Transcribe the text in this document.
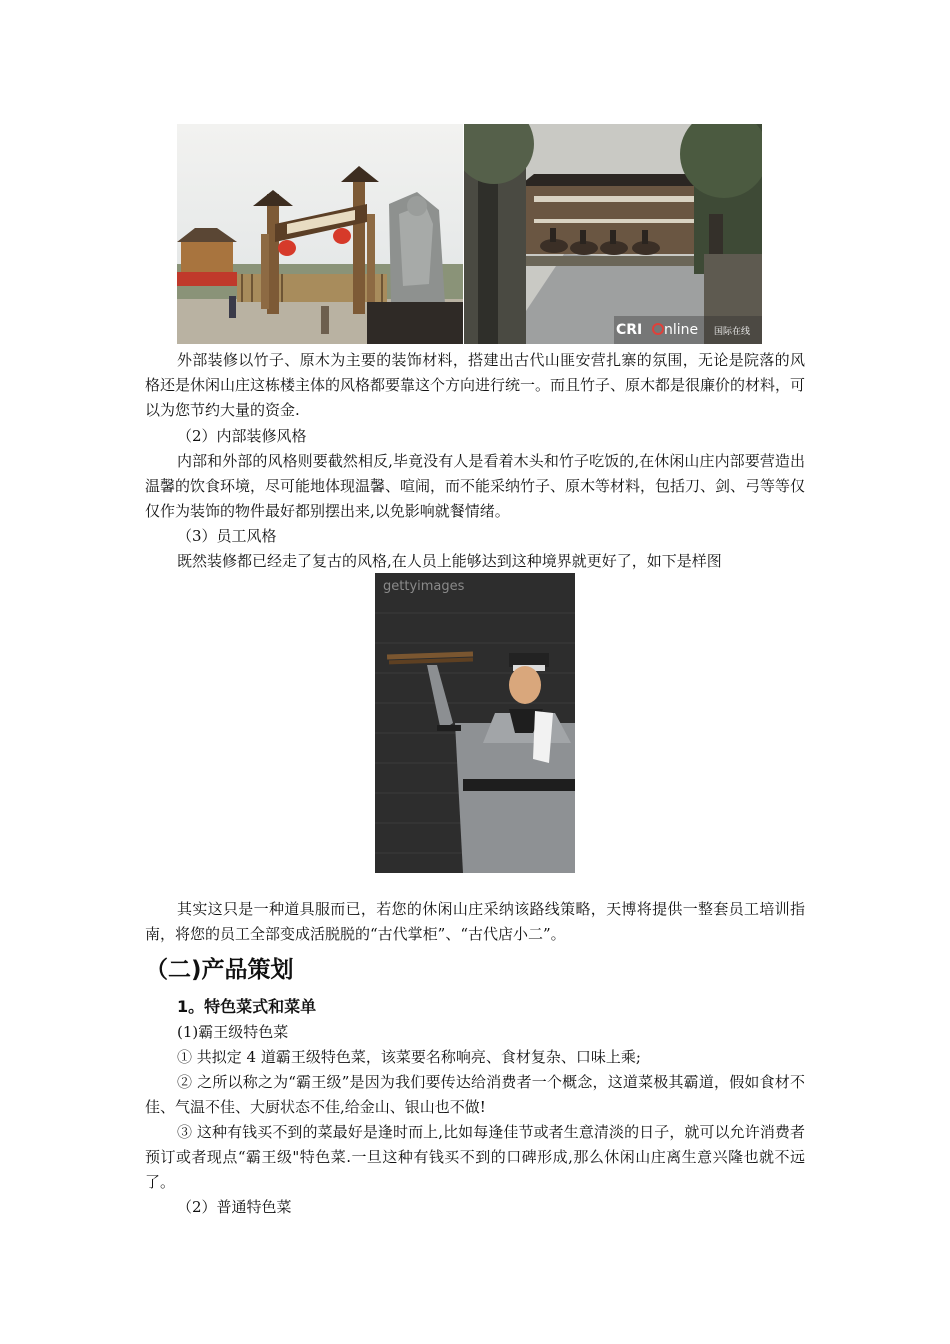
CRI nline 国际在线

外部装修以竹子、原木为主要的装饰材料，搭建出古代山匪安营扎寨的氛围，无论是院落的风格还是休闲山庄这栋楼主体的风格都要靠这个方向进行统一。而且竹子、原木都是很廉价的材料，可以为您节约大量的资金.

（2）内部装修风格

内部和外部的风格则要截然相反,毕竟没有人是看着木头和竹子吃饭的,在休闲山庄内部要营造出温馨的饮食环境，尽可能地体现温馨、喧闹，而不能采纳竹子、原木等材料，包括刀、剑、弓等等仅仅作为装饰的物件最好都别摆出来,以免影响就餐情绪。

（3）员工风格

既然装修都已经走了复古的风格,在人员上能够达到这种境界就更好了，如下是样图

gettyimages

其实这只是一种道具服而已，若您的休闲山庄采纳该路线策略，天博将提供一整套员工培训指南，将您的员工全部变成活脱脱的“古代掌柜”、“古代店小二”。

（二)产品策划
1。特色菜式和菜单

(1)霸王级特色菜

① 共拟定 4 道霸王级特色菜，该菜要名称响亮、食材复杂、口味上乘;

② 之所以称之为“霸王级”是因为我们要传达给消费者一个概念，这道菜极其霸道，假如食材不佳、气温不佳、大厨状态不佳,给金山、银山也不做!

③ 这种有钱买不到的菜最好是逢时而上,比如每逢佳节或者生意清淡的日子，就可以允许消费者预订或者现点“霸王级"特色菜.一旦这种有钱买不到的口碑形成,那么休闲山庄离生意兴隆也就不远了。

（2）普通特色菜
